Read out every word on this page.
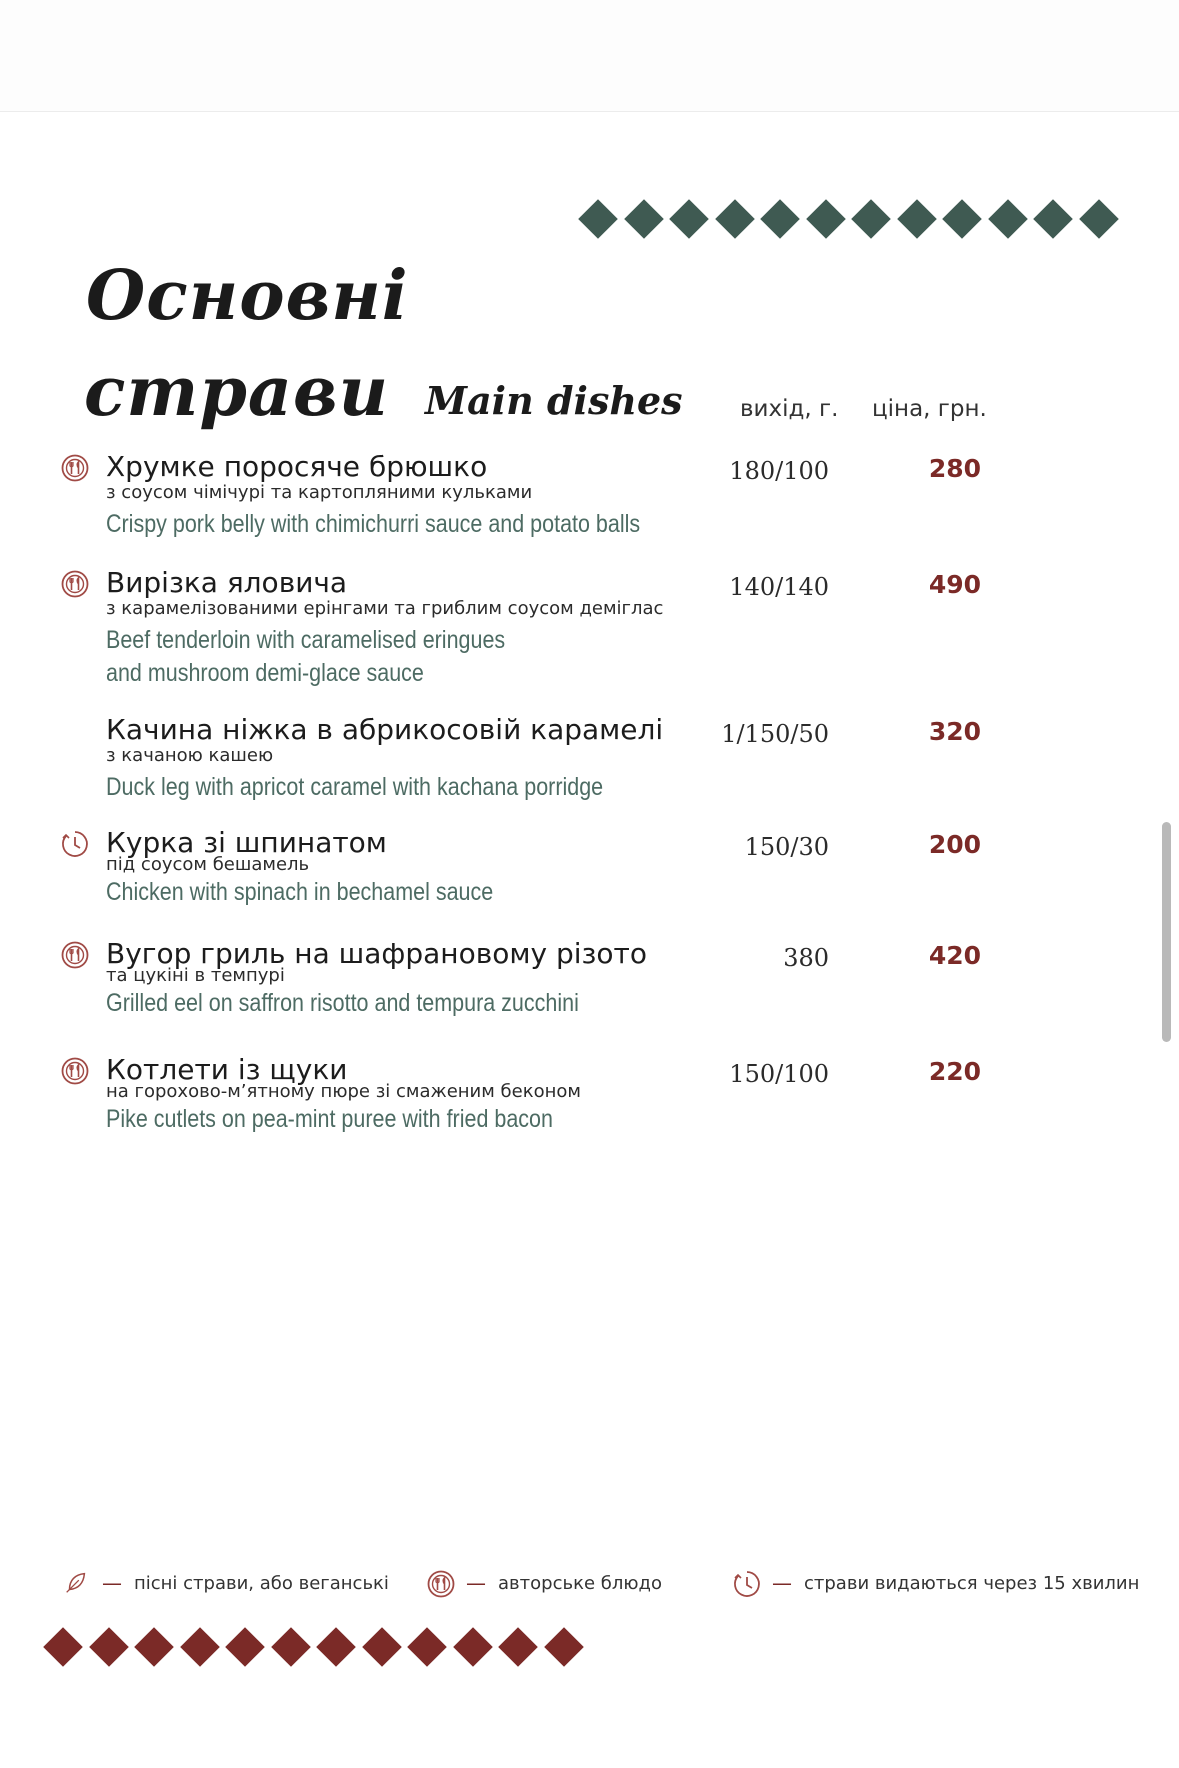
Основні
страви Main dishes вихід, г. ціна, грн.
Хрумке поросяче брюшко
з соусом чімічурі та картопляними кульками
Crispy pork belly with chimichurri sauce and potato balls
180/100	280
Вирізка яловича
з карамелізованими ерінгами та гриблим соусом деміглас
Beef tenderloin with caramelised eringues
and mushroom demi-glace sauce
140/140	490
Качина ніжка в абрикосовій карамелі
з качаною кашею
Duck leg with apricot caramel with kachana porridge
1/150/50	320
Курка зі шпинатом
під соусом бешамель
Chicken with spinach in bechamel sauce
150/30	200
Вугор гриль на шафрановому різото
та цукіні в темпурі
Grilled eel on saffron risotto and tempura zucchini
380	420
Котлети із щуки
на горохово-м’ятному пюре зі смаженим беконом
Pike cutlets on pea-mint puree with fried bacon
150/100	220
— пісні страви, або веганські	— авторське блюдо	— страви видаються через 15 хвилин
